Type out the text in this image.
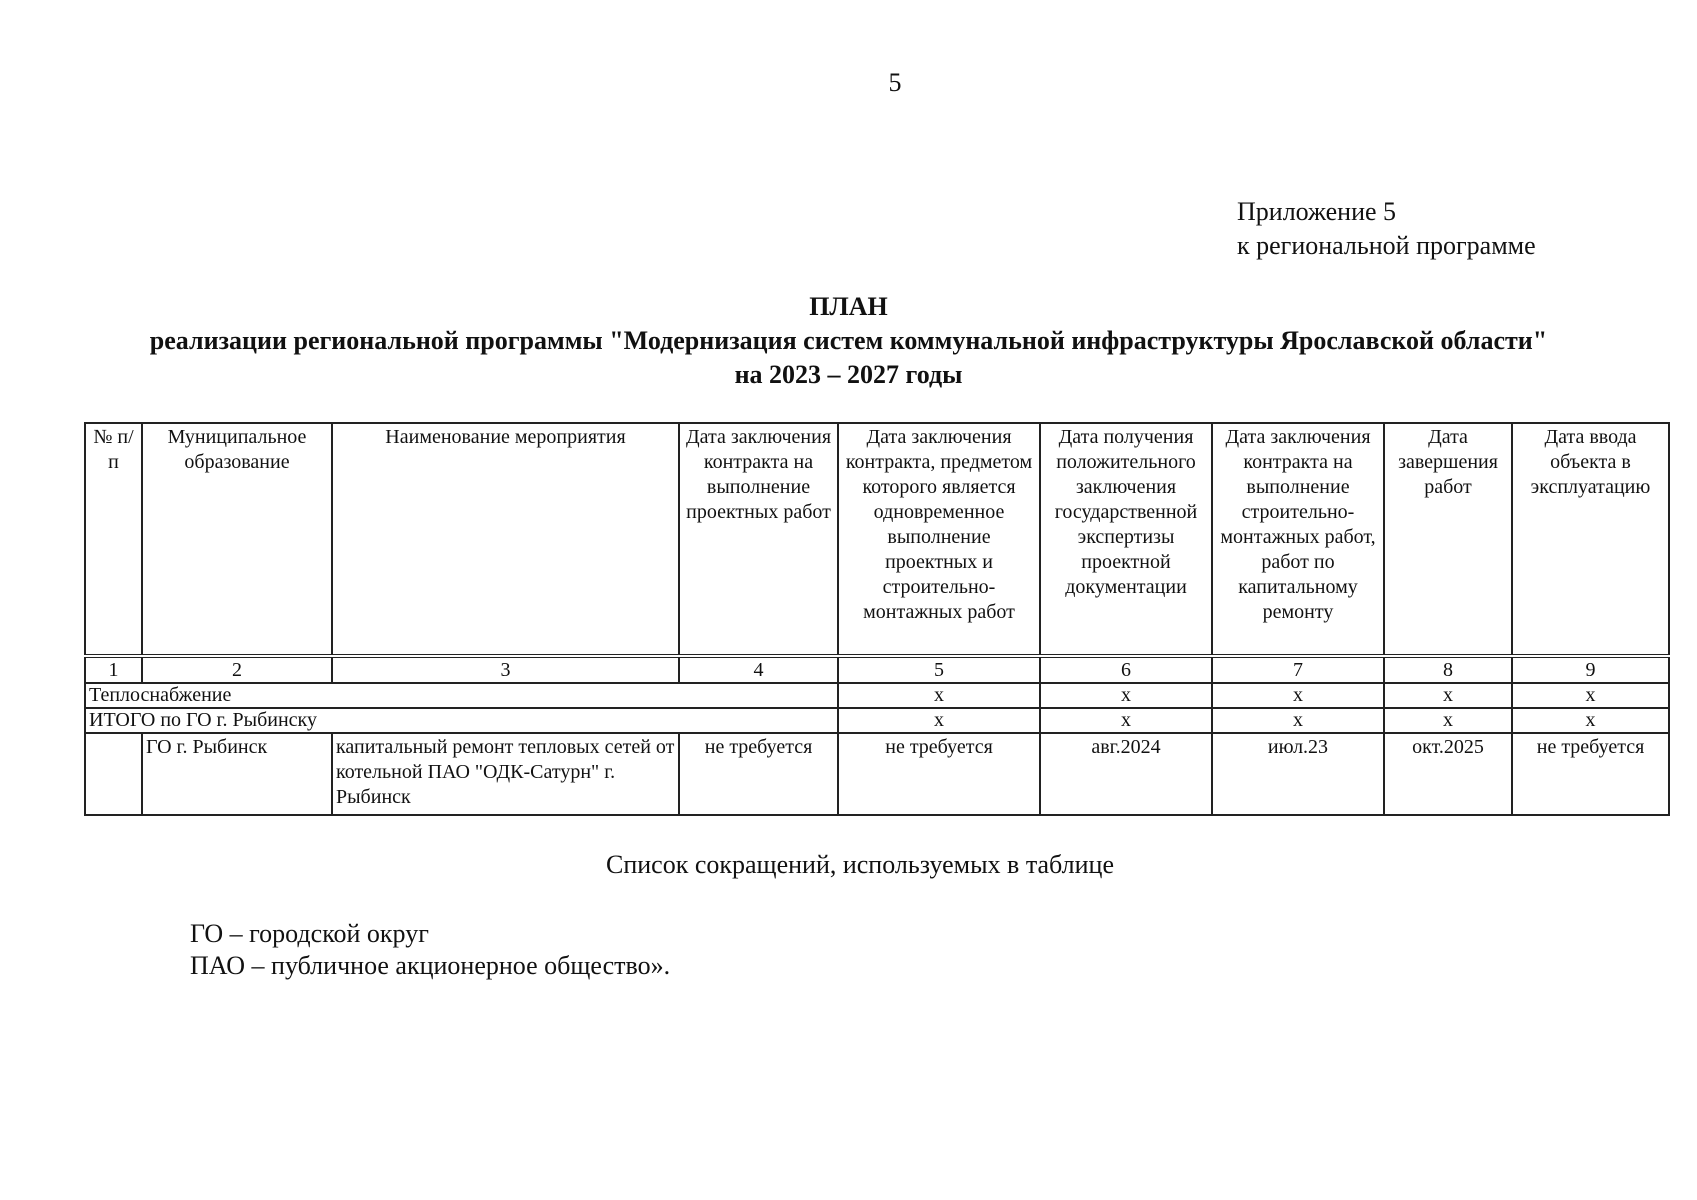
5
Приложение 5
к региональной программе
ПЛАН
реализации региональной программы "Модернизация систем коммунальной инфраструктуры Ярославской области"
на 2023 – 2027 годы
№ п/п	Муниципальное образование	Наименование мероприятия	Дата заключения контракта на выполнение проектных работ	Дата заключения контракта, предметом которого является одновременное выполнение проектных и строительно-монтажных работ	Дата получения положительного заключения государственной экспертизы проектной документации	Дата заключения контракта на выполнение строительно-монтажных работ, работ по капитальному ремонту	Дата завершения работ	Дата ввода объекта в эксплуатацию
1	2	3	4	5	6	7	8	9
Теплоснабжение				х	х	х	х	х
ИТОГО по ГО г. Рыбинску				х	х	х	х	х
	ГО г. Рыбинск	капитальный ремонт тепловых сетей от котельной ПАО "ОДК-Сатурн" г. Рыбинск	не требуется	не требуется	авг.2024	июл.23	окт.2025	не требуется
Список сокращений, используемых в таблице
ГО – городской округ
ПАО – публичное акционерное общество».
